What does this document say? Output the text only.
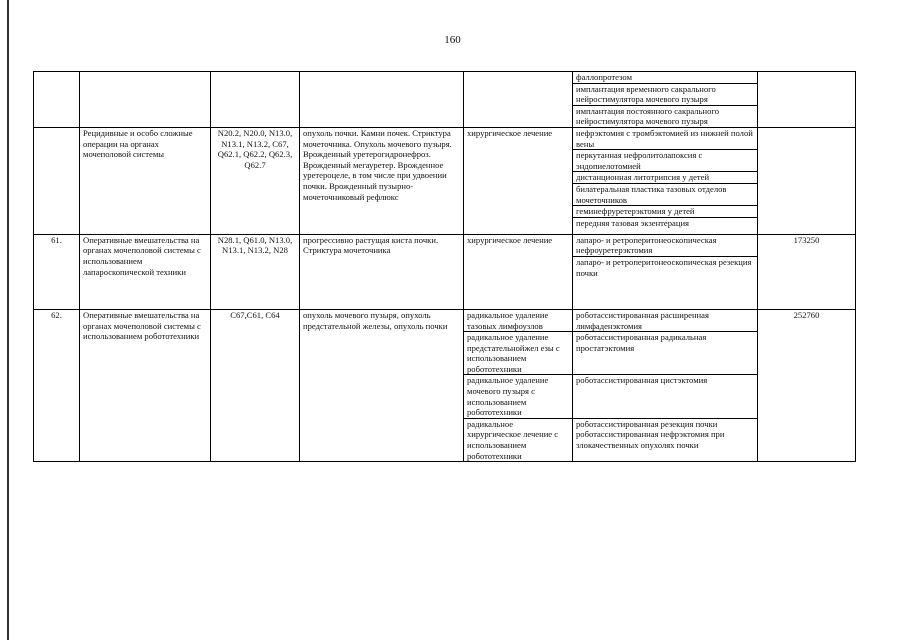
160
					фаллопротезом	
					имплантация временного сакрального нейростимулятора мочевого пузыря	
					имплантация постоянного сакрального нейростимулятора мочевого пузыря	
	Рецидивные и особо сложные операции на органах мочеполовой системы	N20.2, N20.0, N13.0, N13.1, N13.2, C67, Q62.1, Q62.2, Q62.3, Q62.7	опухоль почки. Камни почек. Стриктура мочеточника. Опухоль мочевого пузыря. Врожденный уретерогидронефроз. Врожденный мегауретер. Врожденное уретероцеле, в том числе при удвоении почки. Врожденный пузырно-мочеточниковый рефлюкс	хирургическое лечение	нефрэктомия с тромбэктомией из нижней полой вены	
					перкутанная нефролитолапоксия с эндопиелотомией	
					дистанционная литотрипсия у детей	
					билатеральная пластика тазовых отделов мочеточников	
					геминефруретерэктомия у детей	
					передняя тазовая экзентерация	
61.	Оперативные вмешательства на органах мочеполовой системы с использованием лапароскопической техники	N28.1, Q61.0, N13.0, N13.1, N13.2, N28	прогрессивно растущая киста почки. Стриктура мочеточника	хирургическое лечение	лапаро- и ретроперитонеоскопическая нефроуретерэктомия	173250
					лапаро- и ретроперитонеоскопическая резекция почки	
62.	Оперативные вмешательства на органах мочеполовой системы с использованием робототехники	C67,C61, C64	опухоль мочевого пузыря, опухоль предстательной железы, опухоль почки	радикальное удаление тазовых лимфоузлов	роботассистированная расширенная лимфаденэктомия	252760
				радикальное удаление предстательнойжел езы с использованием робототехники	роботассистированная радикальная простатэктомия	
				радикальное удаление мочевого пузыря с использованием робототехники	роботассистированная цистэктомия	
				радикальное хирургическое лечение с использованием робототехники	роботассистированная резекция почки роботассистированная нефрэктомия при злокачественных опухолях почки	
